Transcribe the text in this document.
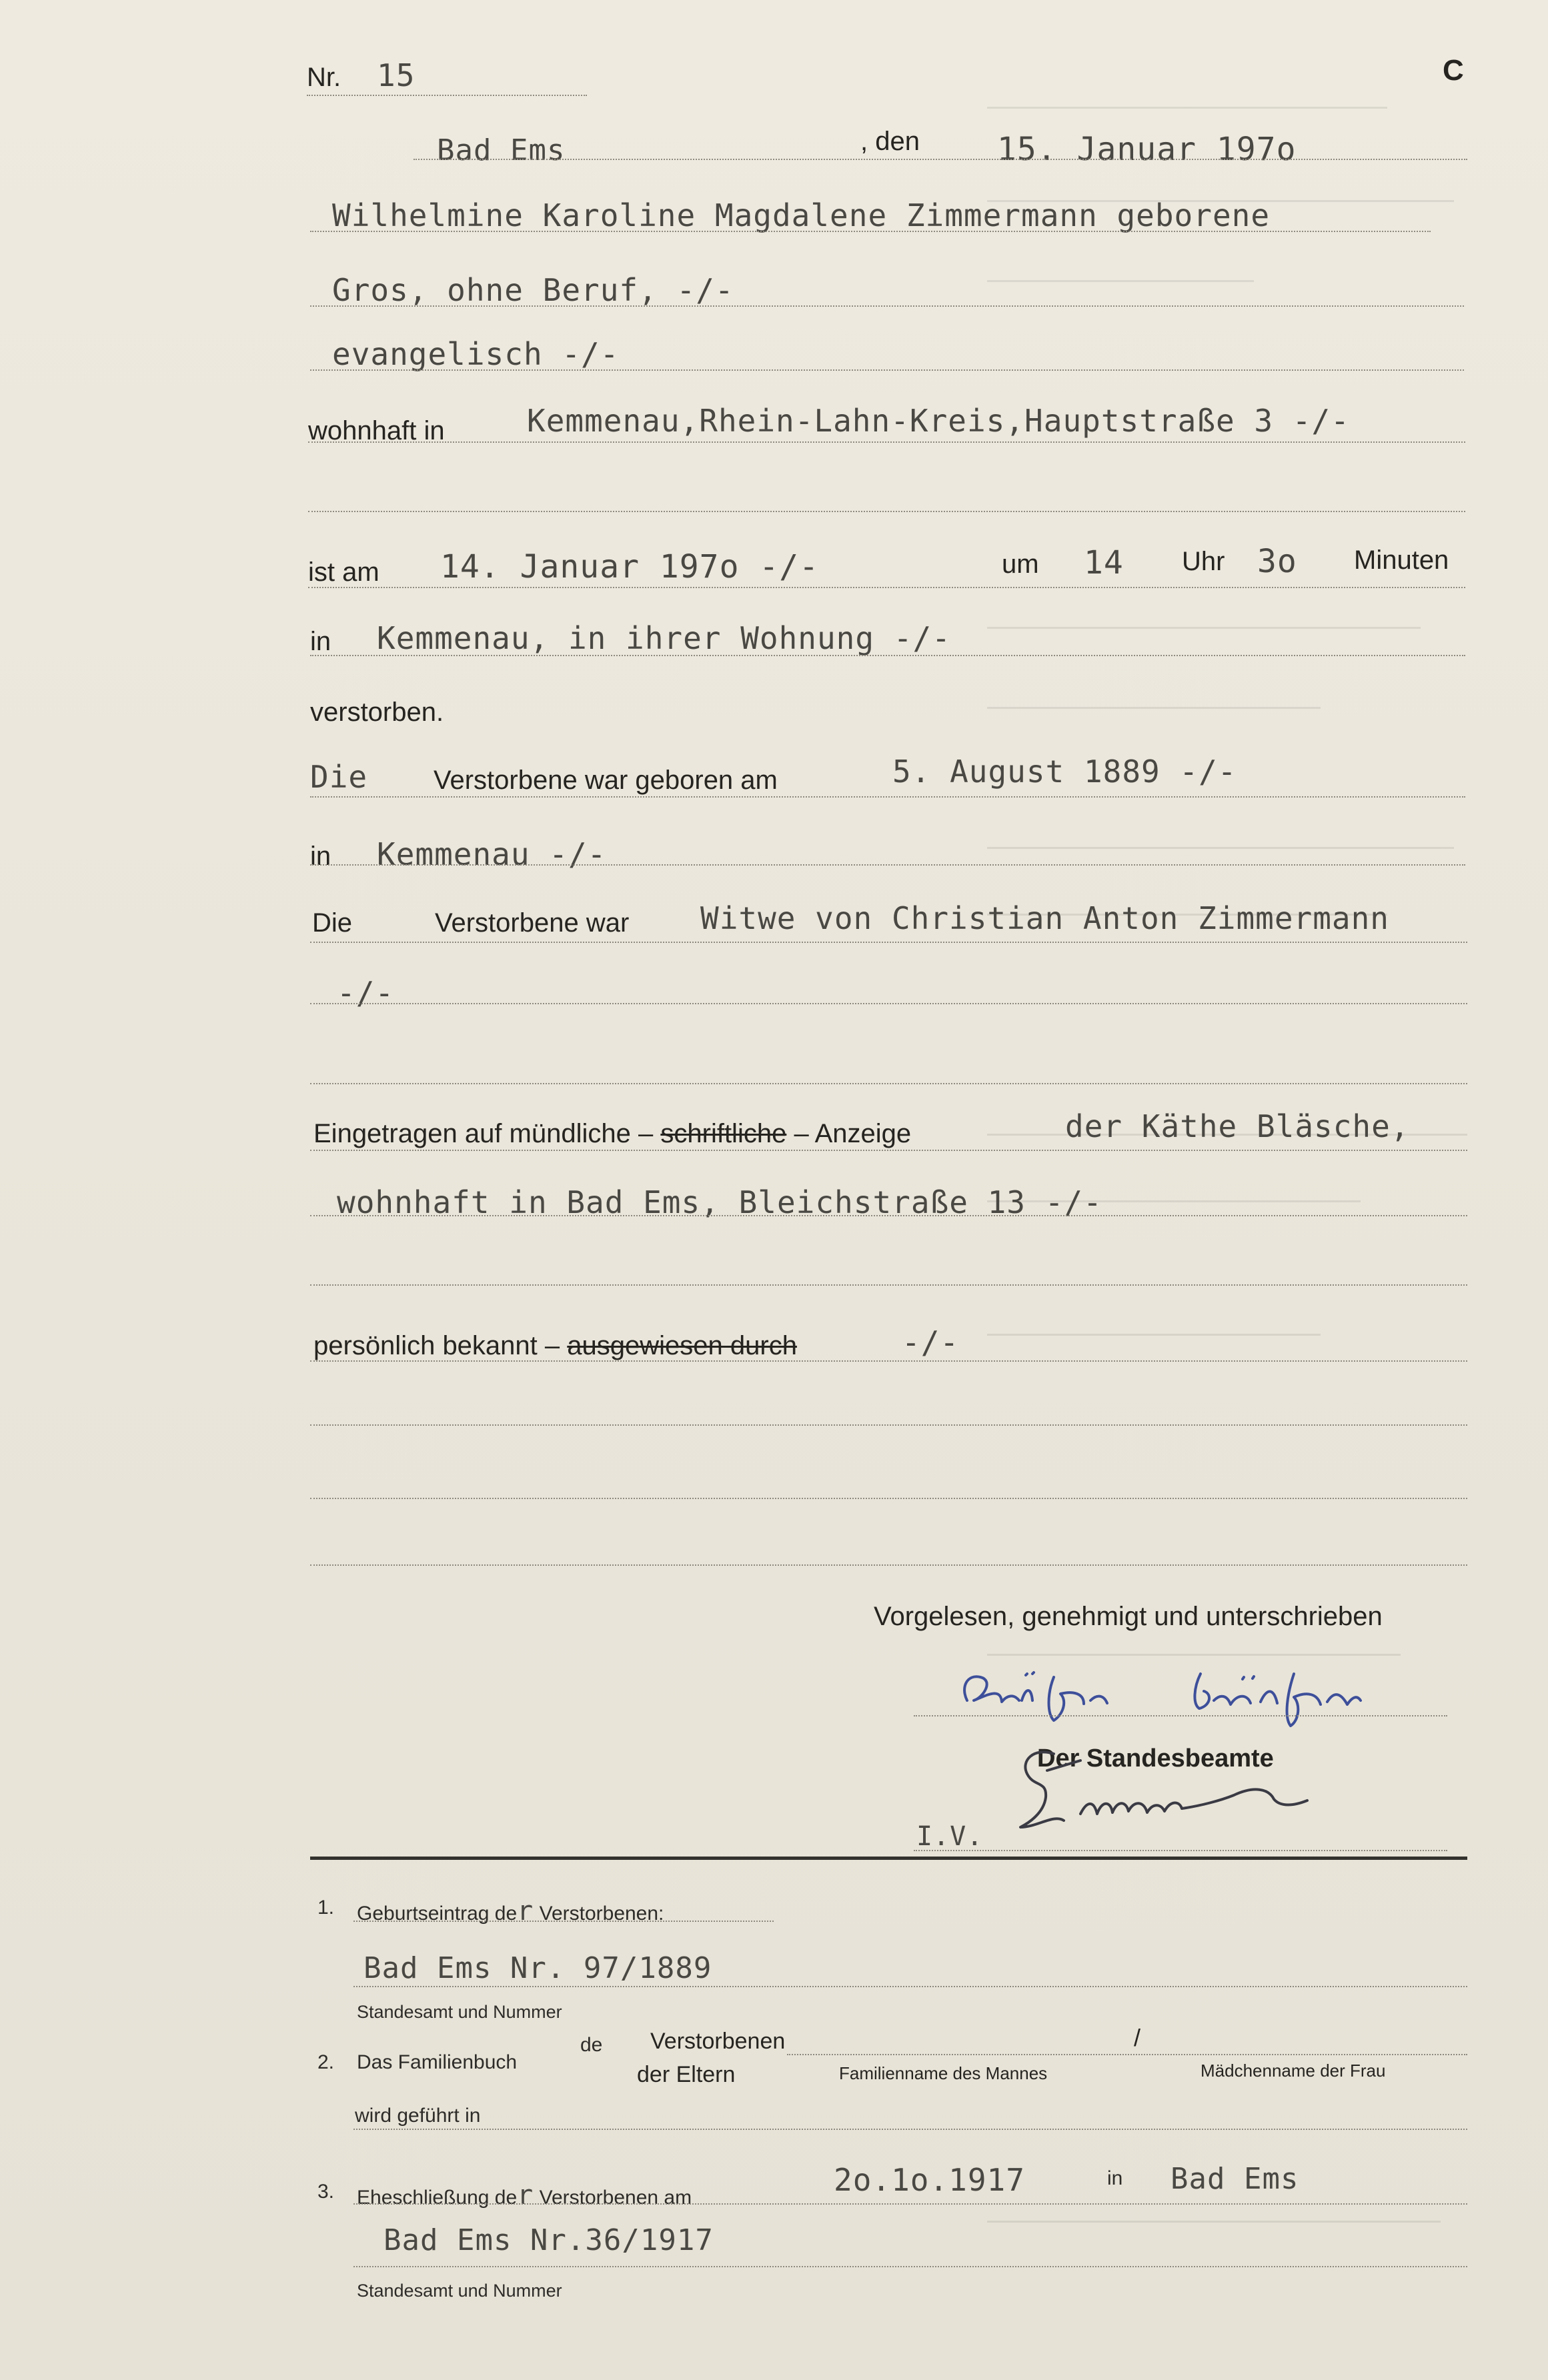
C
Nr. 15
Bad Ems	, den 15. Januar 197o
Wilhelmine Karoline Magdalene Zimmermann geborene
Gros, ohne Beruf, -/-
evangelisch -/-
wohnhaft in	Kemmenau,Rhein-Lahn-Kreis,Hauptstraße 3 -/-
ist am 14. Januar 197o -/-	um 14 Uhr 3o Minuten
in Kemmenau, in ihrer Wohnung -/-
verstorben.
Die Verstorbene war geboren am	5. August 1889 -/-
in Kemmenau -/-
Die	Verstorbene war Witwe von Christian Anton Zimmermann
-/-
Eingetragen auf mündliche – schriftliche – Anzeige	der Käthe Bläsche,
wohnhaft in Bad Ems, Bleichstraße 13 -/-
persönlich bekannt – ausgewiesen durch	-/-
Vorgelesen, genehmigt und unterschrieben
Der Standesbeamte
I.V.
1. Geburtseintrag der Verstorbenen:
Bad Ems Nr. 97/1889
Standesamt und Nummer
2. Das Familienbuch
de Verstorbenen
der Eltern
/
Familienname des Mannes	Mädchenname der Frau
wird geführt in
3. Eheschließung der Verstorbenen am	2o.1o.1917	in Bad Ems
Bad Ems Nr.36/1917
Standesamt und Nummer
